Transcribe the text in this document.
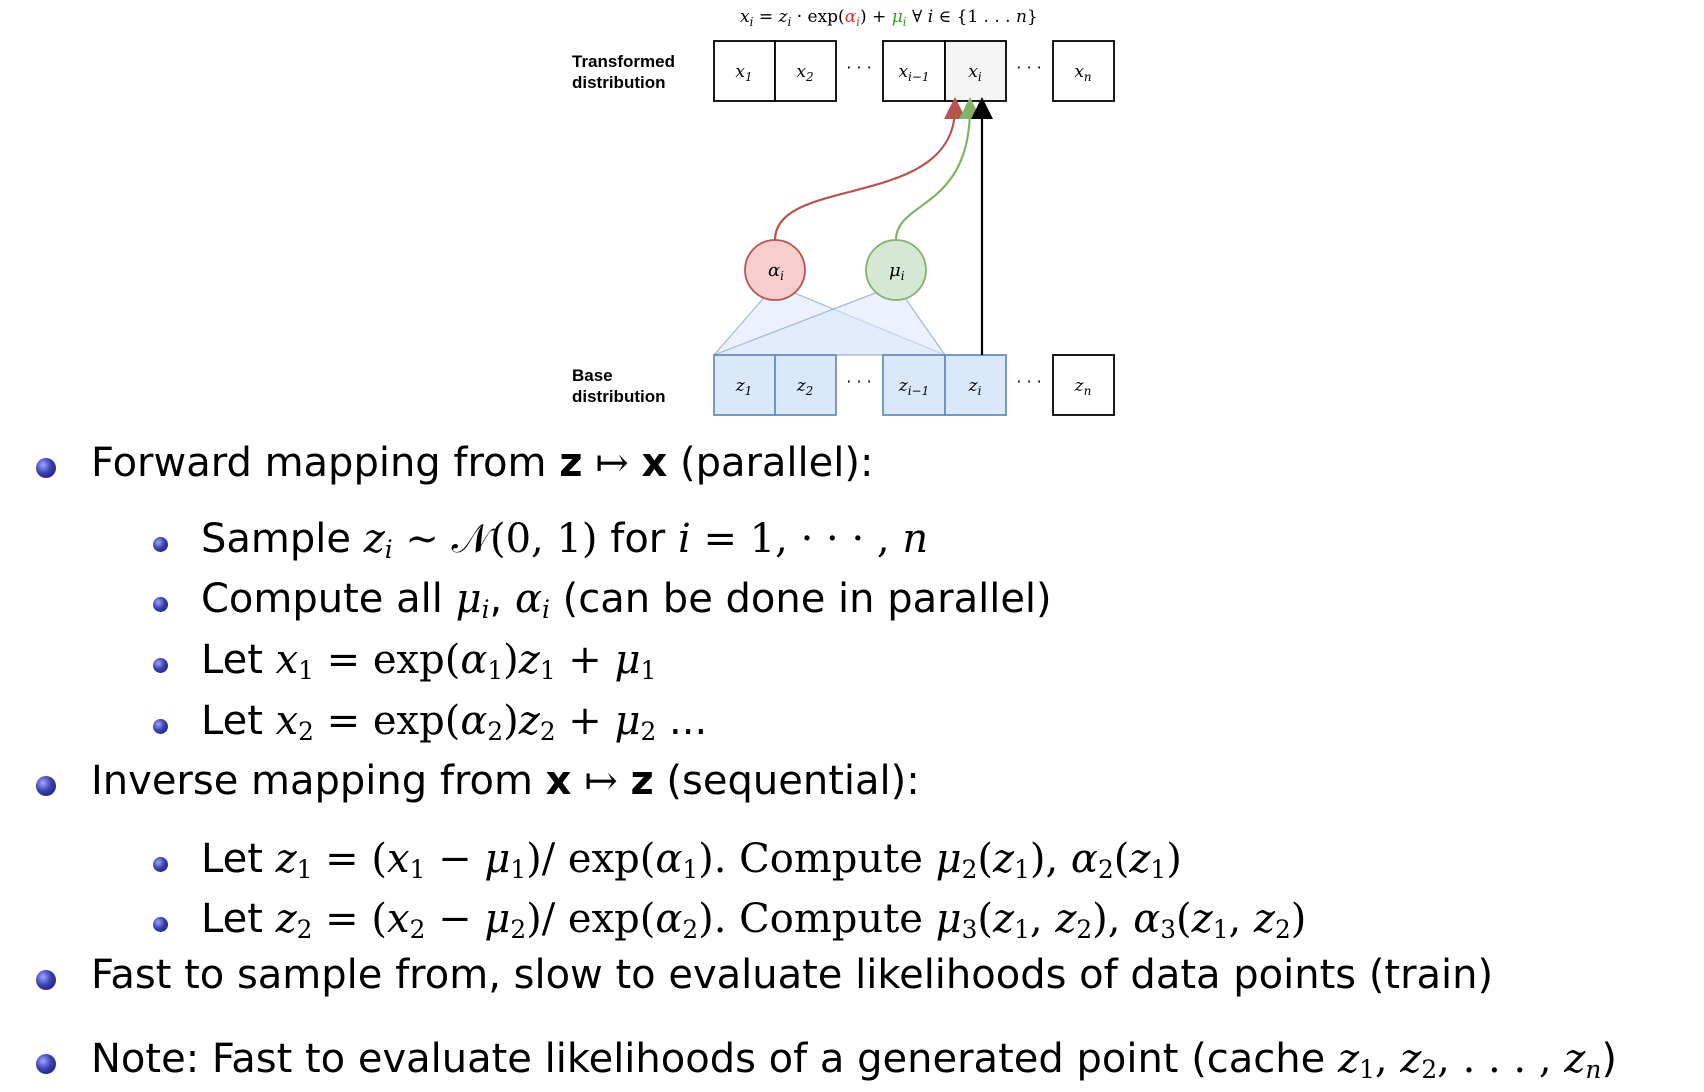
$x_i = z_i \cdot \exp(\alpha_i) + \mu_i$ ∀ i ∈ {1 . . . n}
Transformed
distribution
Base
distribution
· · ·	· · ·
· · ·	· · ·
$x_1$	$x_2$	$x_{i-1}$ $x_i$	$x_n$
$z_1$	$z_2$	$z_{i-1}$ $z_i$	$z_n$
$\alpha_i$	$\mu_i$
Forward mapping from z ↦ x (parallel):
Sample $z_i$ ∼ 𝒩(0, 1) for i = 1, · · · , n
Compute all $\mu_i$, $\alpha_i$ (can be done in parallel)
Let $x_1 = \exp(\alpha_1)z_1 + \mu_1$
Let $x_2 = \exp(\alpha_2)z_2 + \mu_2$ ...
Inverse mapping from x ↦ z (sequential):
Let $z_1 = (x_1 - \mu_1)/$ $\exp(\alpha_1)$. Compute $\mu_2(z_1)$, $\alpha_2(z_1)$
Let $z_2 = (x_2 - \mu_2)/$ $\exp(\alpha_2)$. Compute $\mu_3(z_1$, $z_2$), $\alpha_3(z_1$, $z_2$)
Fast to sample from, slow to evaluate likelihoods of data points (train)
Note: Fast to evaluate likelihoods of a generated point (cache $z_1$, $z_2$, . . . , $z_n$)
